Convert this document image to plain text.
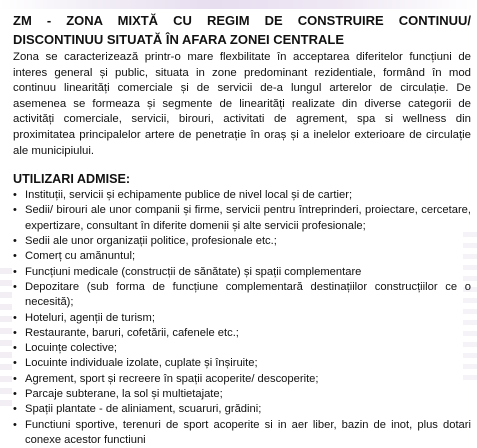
ZM - ZONA MIXTĂ CU REGIM DE CONSTRUIRE CONTINUU/

DISCONTINUU SITUATĂ ÎN AFARA ZONEI CENTRALE

Zona se caracterizează printr-o mare flexbilitate în acceptarea diferitelor funcțiuni de interes general și public, situata in zone predominant rezidentiale, formând în mod continuu linearități comerciale și de servicii de-a lungul arterelor de circulație. De asemenea se formeaza și segmente de linearități realizate din diverse categorii de activități comerciale, servicii, birouri, activitati de agrement, spa si wellness din proximitatea principalelor artere de penetrație în oraș și a inelelor exterioare de circulație ale municipiului.

UTILIZARI ADMISE:

• Instituții, servicii și echipamente publice de nivel local și de cartier;
• Sedii/ birouri ale unor companii și firme, servicii pentru întreprinderi, proiectare, cercetare, expertizare, consultant în diferite domenii și alte servicii profesionale;
• Sedii ale unor organizații politice, profesionale etc.;
• Comerț cu amănuntul;
• Funcțiuni medicale (construcții de sănătate) și spații complementare
• Depozitare (sub forma de funcțiune complementară destinațiilor construcțiilor ce o necesită);
• Hoteluri, agenții de turism;
• Restaurante, baruri, cofetării, cafenele etc.;
• Locuințe colective;
• Locuinte individuale izolate, cuplate și înșiruite;
• Agrement, sport și recreere în spații acoperite/ descoperite;
• Parcaje subterane, la sol și multietajate;
• Spații plantate - de aliniament, scuaruri, grădini;
• Functiuni sportive, terenuri de sport acoperite si in aer liber, bazin de inot, plus dotari conexe acestor functiuni
